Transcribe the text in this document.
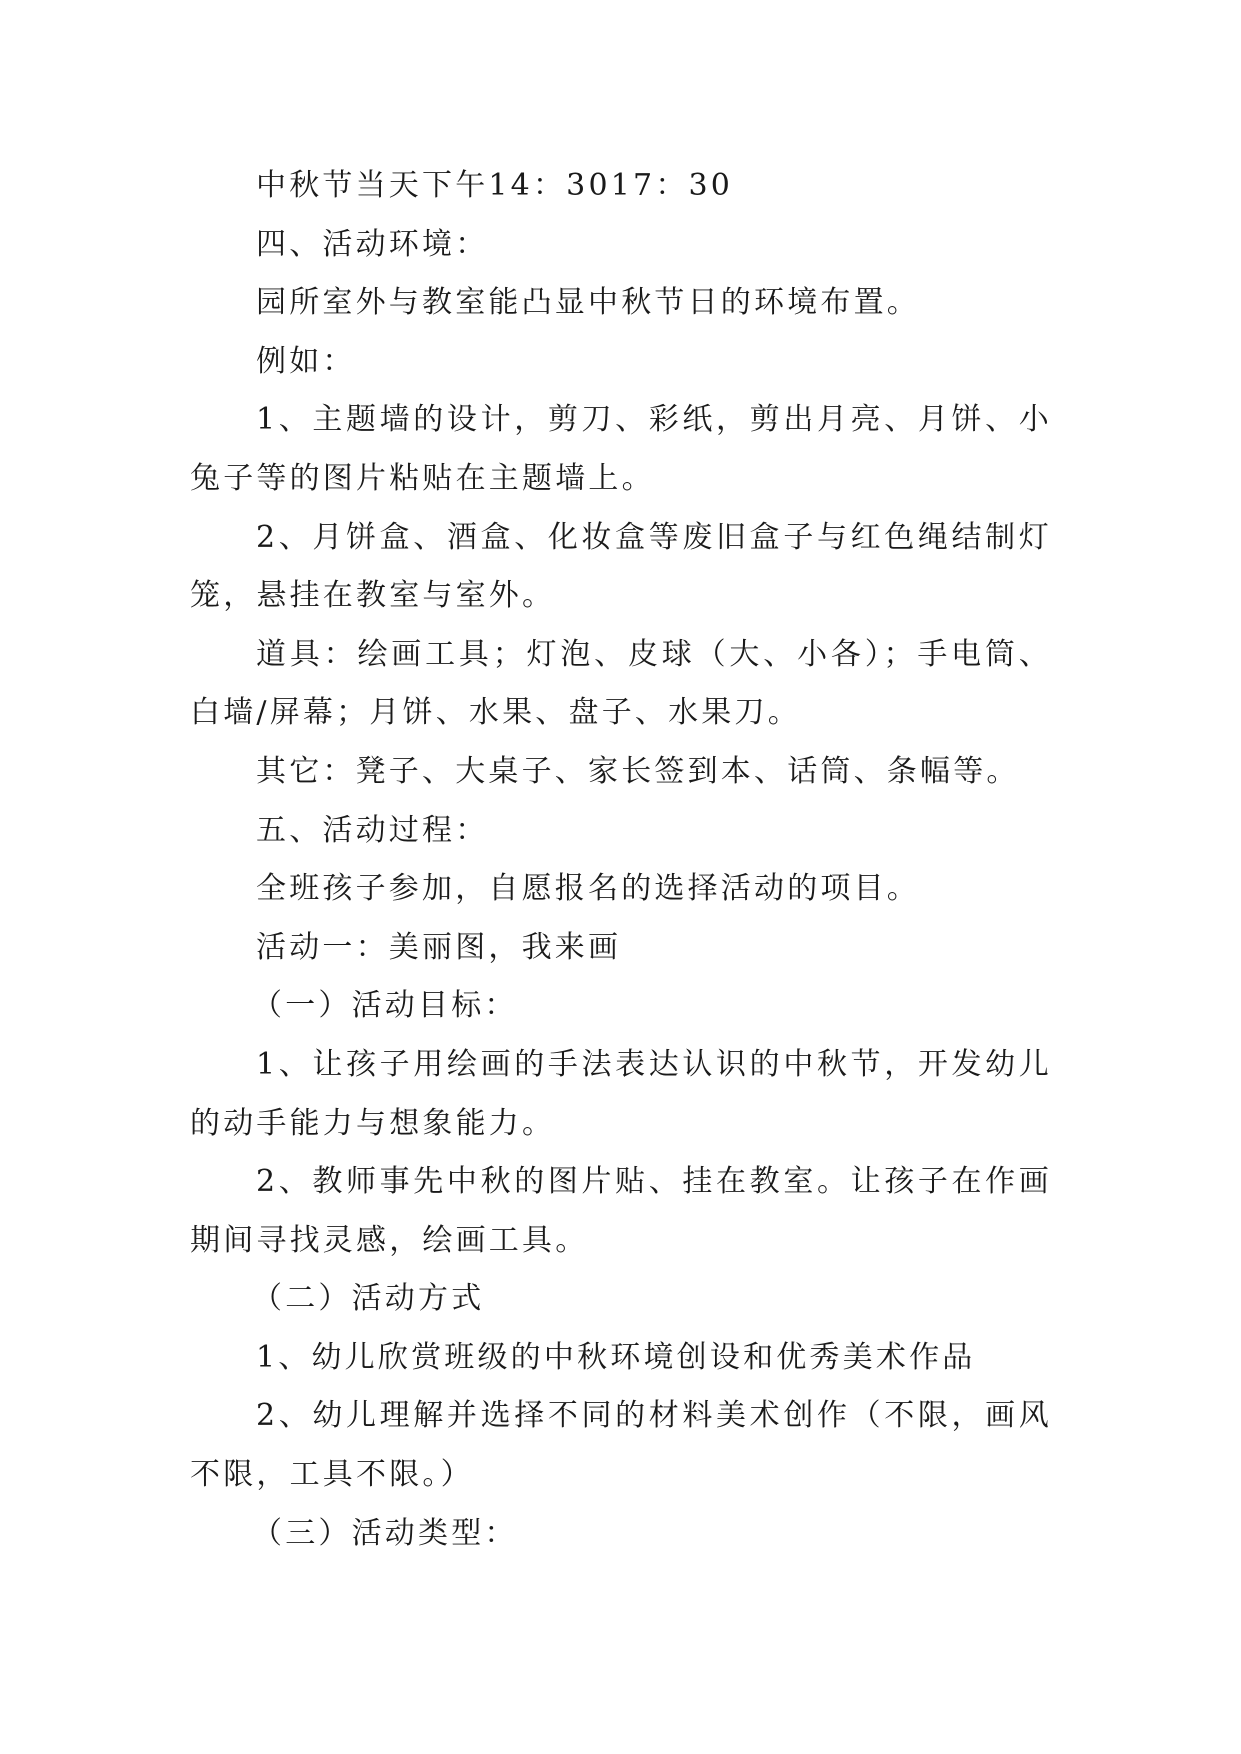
中秋节当天下午14：3017：30

四、活动环境：

园所室外与教室能凸显中秋节日的环境布置。

例如：

1、主题墙的设计，剪刀、彩纸，剪出月亮、月饼、小兔子等的图片粘贴在主题墙上。

2、月饼盒、酒盒、化妆盒等废旧盒子与红色绳结制灯笼，悬挂在教室与室外。

道具：绘画工具；灯泡、皮球（大、小各）；手电筒、白墙/屏幕；月饼、水果、盘子、水果刀。

其它：凳子、大桌子、家长签到本、话筒、条幅等。

五、活动过程：

全班孩子参加，自愿报名的选择活动的项目。

活动一：美丽图，我来画

（一）活动目标：

1、让孩子用绘画的手法表达认识的中秋节，开发幼儿的动手能力与想象能力。

2、教师事先中秋的图片贴、挂在教室。让孩子在作画期间寻找灵感，绘画工具。

（二）活动方式

1、幼儿欣赏班级的中秋环境创设和优秀美术作品

2、幼儿理解并选择不同的材料美术创作（不限，画风不限，工具不限。）

（三）活动类型：
